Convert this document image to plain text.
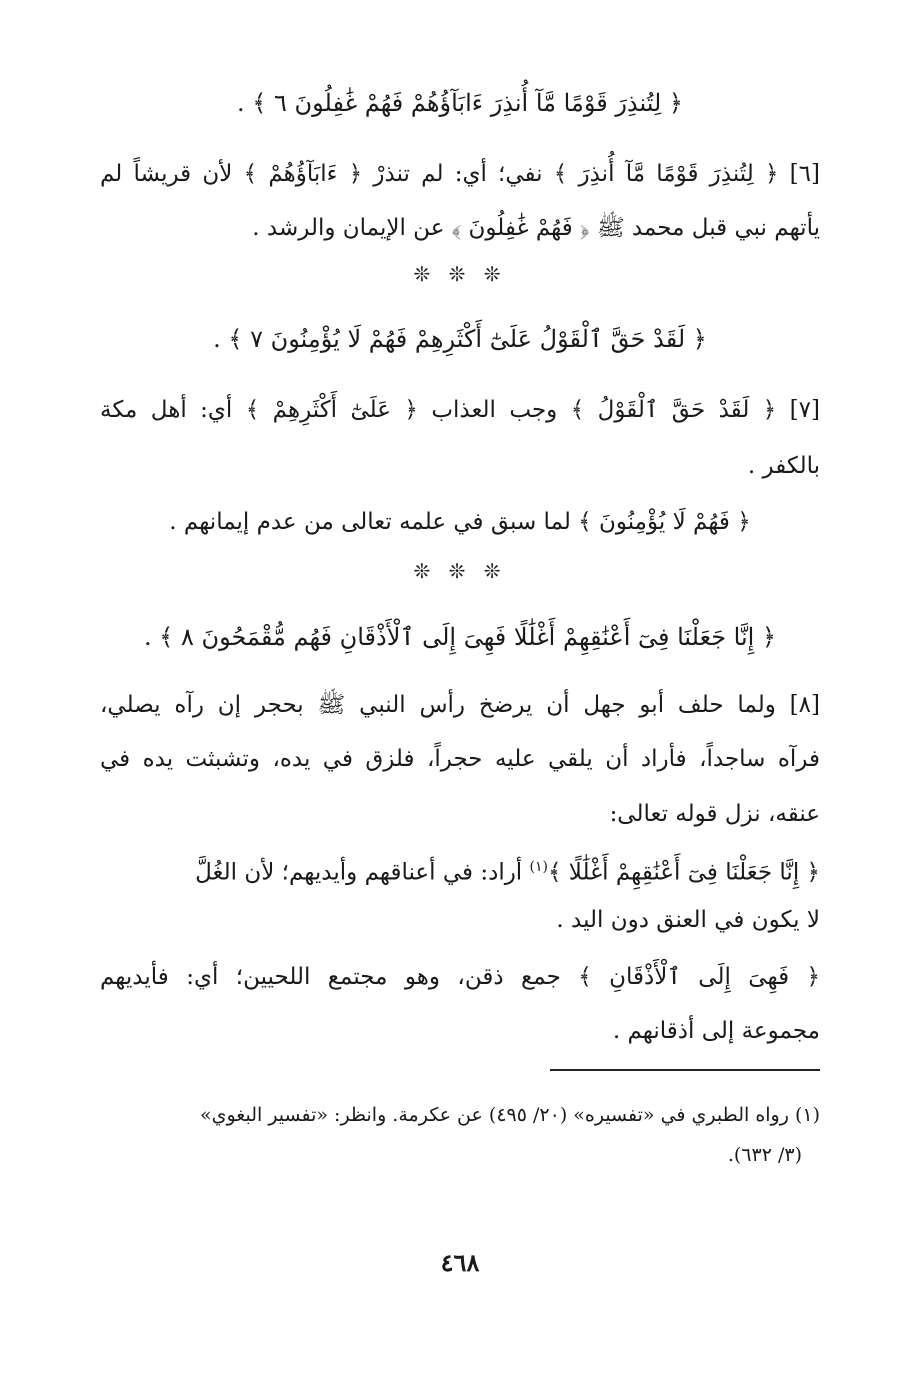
﴿ لِتُنذِرَ قَوْمًا مَّآ أُنذِرَ ءَابَآؤُهُمْ فَهُمْ غَٰفِلُونَ ٦ ﴾ .
[٦] ﴿ لِتُنذِرَ قَوْمًا مَّآ أُنذِرَ ﴾ نفي؛ أي: لم تنذرْ ﴿ ءَابَآؤُهُمْ ﴾ لأن قريشاً لم
يأتهم نبي قبل محمد ﷺ ﴿ فَهُمْ غَٰفِلُونَ ﴾ عن الإيمان والرشد .
❊ ❊ ❊
﴿ لَقَدْ حَقَّ ٱلْقَوْلُ عَلَىٰٓ أَكْثَرِهِمْ فَهُمْ لَا يُؤْمِنُونَ ٧ ﴾ .
[٧] ﴿ لَقَدْ حَقَّ ٱلْقَوْلُ ﴾ وجب العذاب ﴿ عَلَىٰٓ أَكْثَرِهِمْ ﴾ أي: أهل مكة
بالكفر .
﴿ فَهُمْ لَا يُؤْمِنُونَ ﴾ لما سبق في علمه تعالى من عدم إيمانهم .
❊ ❊ ❊
﴿ إِنَّا جَعَلْنَا فِىٓ أَعْنَٰقِهِمْ أَغْلَٰلًا فَهِىَ إِلَى ٱلْأَذْقَانِ فَهُم مُّقْمَحُونَ ٨ ﴾ .
[٨] ولما حلف أبو جهل أن يرضخ رأس النبي ﷺ بحجر إن رآه يصلي،
فرآه ساجداً، فأراد أن يلقي عليه حجراً، فلزق في يده، وتشبثت يده في
عنقه، نزل قوله تعالى:
﴿ إِنَّا جَعَلْنَا فِىٓ أَعْنَٰقِهِمْ أَغْلَٰلًا ﴾$^{(١)}$ أراد: في أعناقهم وأيديهم؛ لأن الغُلَّ
لا يكون في العنق دون اليد .
﴿ فَهِىَ إِلَى ٱلْأَذْقَانِ ﴾ جمع ذقن، وهو مجتمع اللحيين؛ أي: فأيديهم
مجموعة إلى أذقانهم .
(١) رواه الطبري في «تفسيره» (٢٠/ ٤٩٥) عن عكرمة. وانظر: «تفسير البغوي»
(٣/ ٦٣٢).
٤٦٨
